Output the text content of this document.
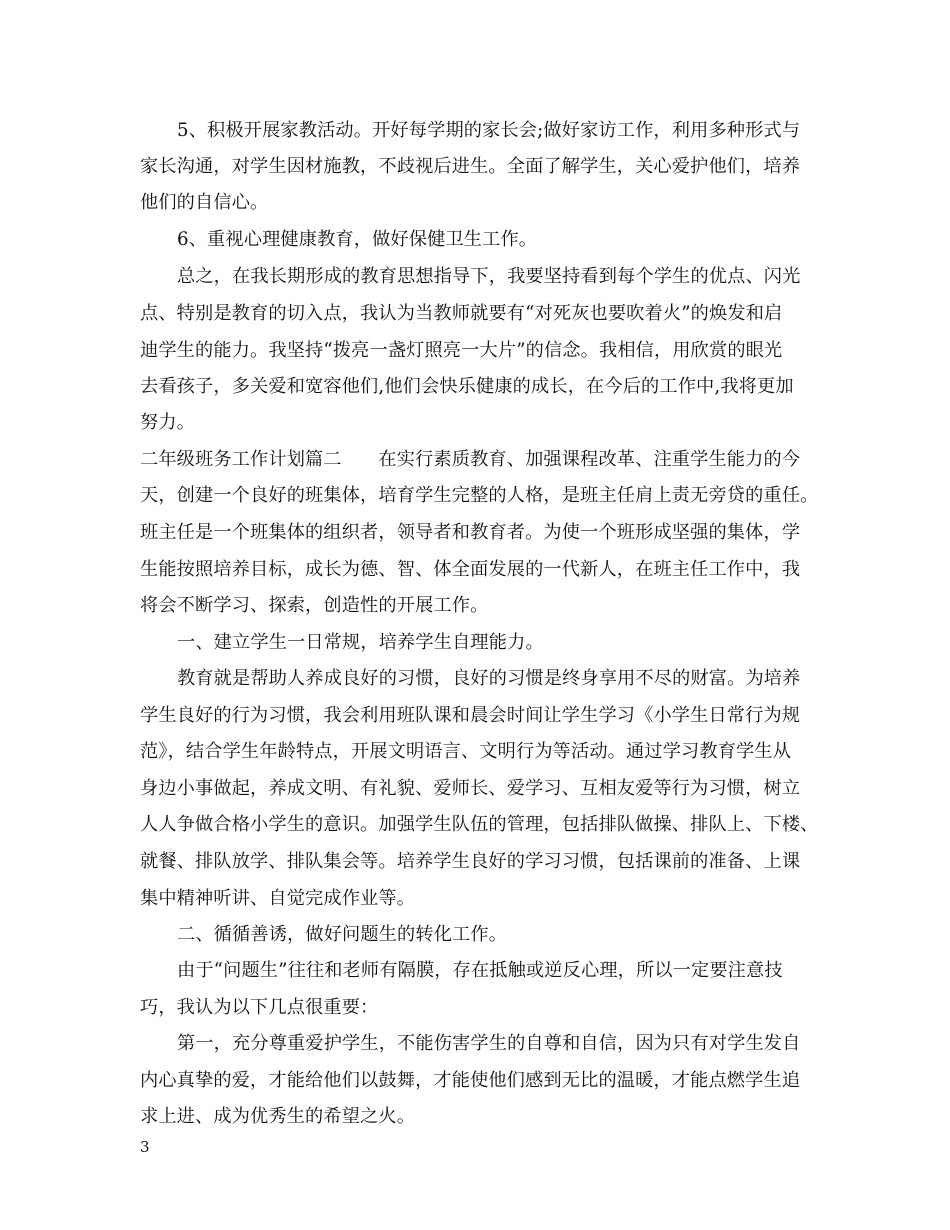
5、积极开展家教活动。开好每学期的家长会;做好家访工作，利用多种形式与
家长沟通，对学生因材施教，不歧视后进生。全面了解学生，关心爱护他们，培养
他们的自信心。
6、重视心理健康教育，做好保健卫生工作。
总之，在我长期形成的教育思想指导下，我要坚持看到每个学生的优点、闪光
点、特别是教育的切入点，我认为当教师就要有“对死灰也要吹着火”的焕发和启
迪学生的能力。我坚持“拨亮一盏灯照亮一大片”的信念。我相信，用欣赏的眼光
去看孩子，多关爱和宽容他们,他们会快乐健康的成长，在今后的工作中,我将更加
努力。
二年级班务工作计划篇二　　在实行素质教育、加强课程改革、注重学生能力的今
天，创建一个良好的班集体，培育学生完整的人格，是班主任肩上责无旁贷的重任。
班主任是一个班集体的组织者，领导者和教育者。为使一个班形成坚强的集体，学
生能按照培养目标，成长为德、智、体全面发展的一代新人，在班主任工作中，我
将会不断学习、探索，创造性的开展工作。
一、建立学生一日常规，培养学生自理能力。
教育就是帮助人养成良好的习惯，良好的习惯是终身享用不尽的财富。为培养
学生良好的行为习惯，我会利用班队课和晨会时间让学生学习《小学生日常行为规
范》，结合学生年龄特点，开展文明语言、文明行为等活动。通过学习教育学生从
身边小事做起，养成文明、有礼貌、爱师长、爱学习、互相友爱等行为习惯，树立
人人争做合格小学生的意识。加强学生队伍的管理，包括排队做操、排队上、下楼、
就餐、排队放学、排队集会等。培养学生良好的学习习惯，包括课前的准备、上课
集中精神听讲、自觉完成作业等。
二、循循善诱，做好问题生的转化工作。
由于“问题生”往往和老师有隔膜，存在抵触或逆反心理，所以一定要注意技
巧，我认为以下几点很重要：
第一，充分尊重爱护学生，不能伤害学生的自尊和自信，因为只有对学生发自
内心真挚的爱，才能给他们以鼓舞，才能使他们感到无比的温暖，才能点燃学生追
求上进、成为优秀生的希望之火。
3
